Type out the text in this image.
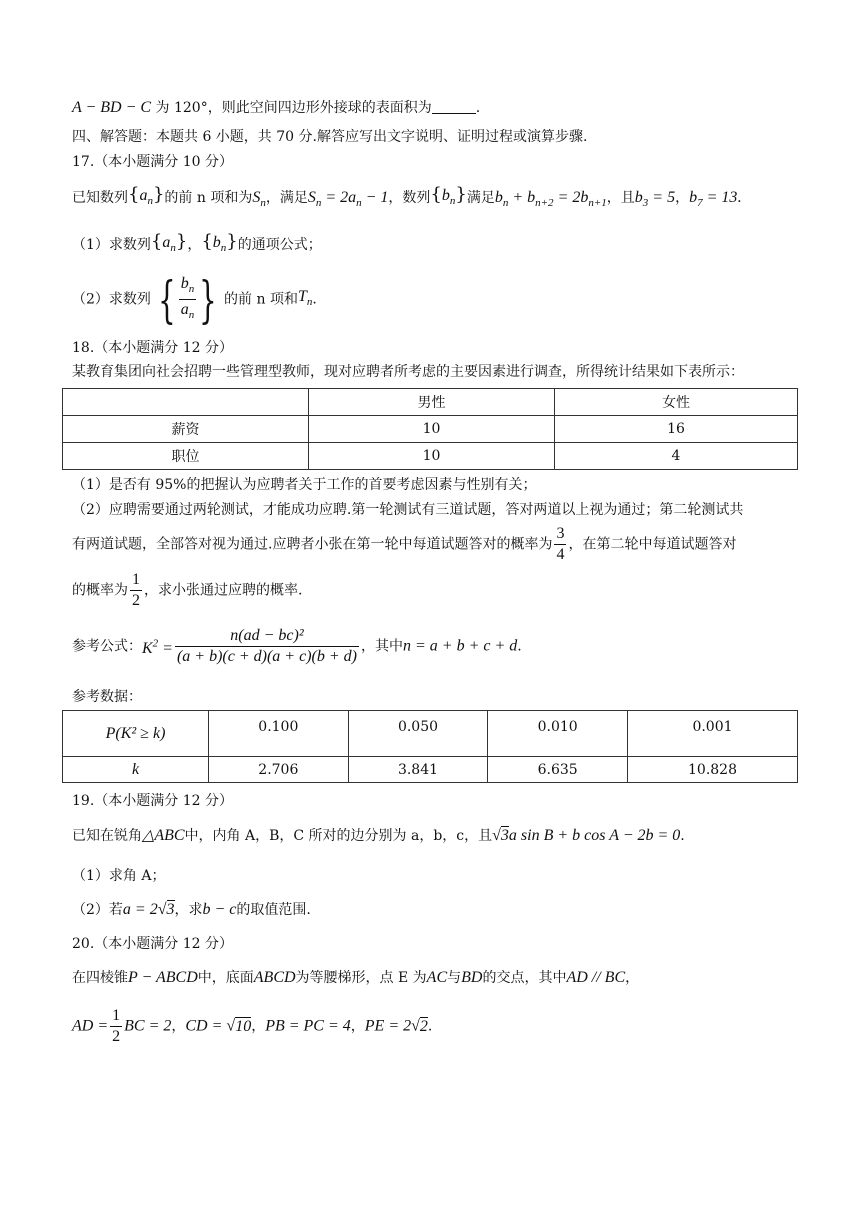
A − BD − C 为 120°，则此空间四边形外接球的表面积为	.
四、解答题：本题共 6 小题，共 70 分.解答应写出文字说明、证明过程或演算步骤.
17.（本小题满分 10 分）
已知数列$\{a_n\}$的前 n 项和为$S_n$，满足$S_n = 2a_n - 1$，数列$\{b_n\}$满足$b_n + b_{n+2} = 2b_{n+1}$，且$b_3 = 5$，$b_7 = 13$.
（1）求数列$\{a_n\}$，$\{b_n\}$的通项公式；
（2）求数列 { $\frac{b_n}{a_n}$ } 的前 n 项和$T_n$.
18.（本小题满分 12 分）
某教育集团向社会招聘一些管理型教师，现对应聘者所考虑的主要因素进行调查，所得统计结果如下表所示：
	男性	女性
薪资	10	16
职位	10	4
（1）是否有 95%的把握认为应聘者关于工作的首要考虑因素与性别有关；
（2）应聘需要通过两轮测试，才能成功应聘.第一轮测试有三道试题，答对两道以上视为通过；第二轮测试共
有两道试题，全部答对视为通过.应聘者小张在第一轮中每道试题答对的概率为 $\frac{3}{4}$ ，在第二轮中每道试题答对
的概率为 $\frac{1}{2}$ ，求小张通过应聘的概率.
参考公式：$K^2 = \frac{\text{n(ad − bc)²}}{(a + b)(c + d)(a + c)(b + d)}$ ，其中n = a + b + c + d.
参考数据：
P(K² ≥ k)	0.100	0.050	0.010	0.001
k	2.706	3.841	6.635	10.828
19.（本小题满分 12 分）
已知在锐角△ABC中，内角 A，B，C 所对的边分别为 a，b，c，且√3a sin B + b cos A − 2b = 0.
（1）求角 A；
（2）若a = 2√3，求b − c的取值范围.
20.（本小题满分 12 分）
在四棱锥P − ABCD中，底面ABCD为等腰梯形，点 E 为AC与BD的交点，其中AD // BC，
AD = $\frac{1}{2}$ BC = 2，CD = √10，PB = PC = 4，PE = 2√2.
